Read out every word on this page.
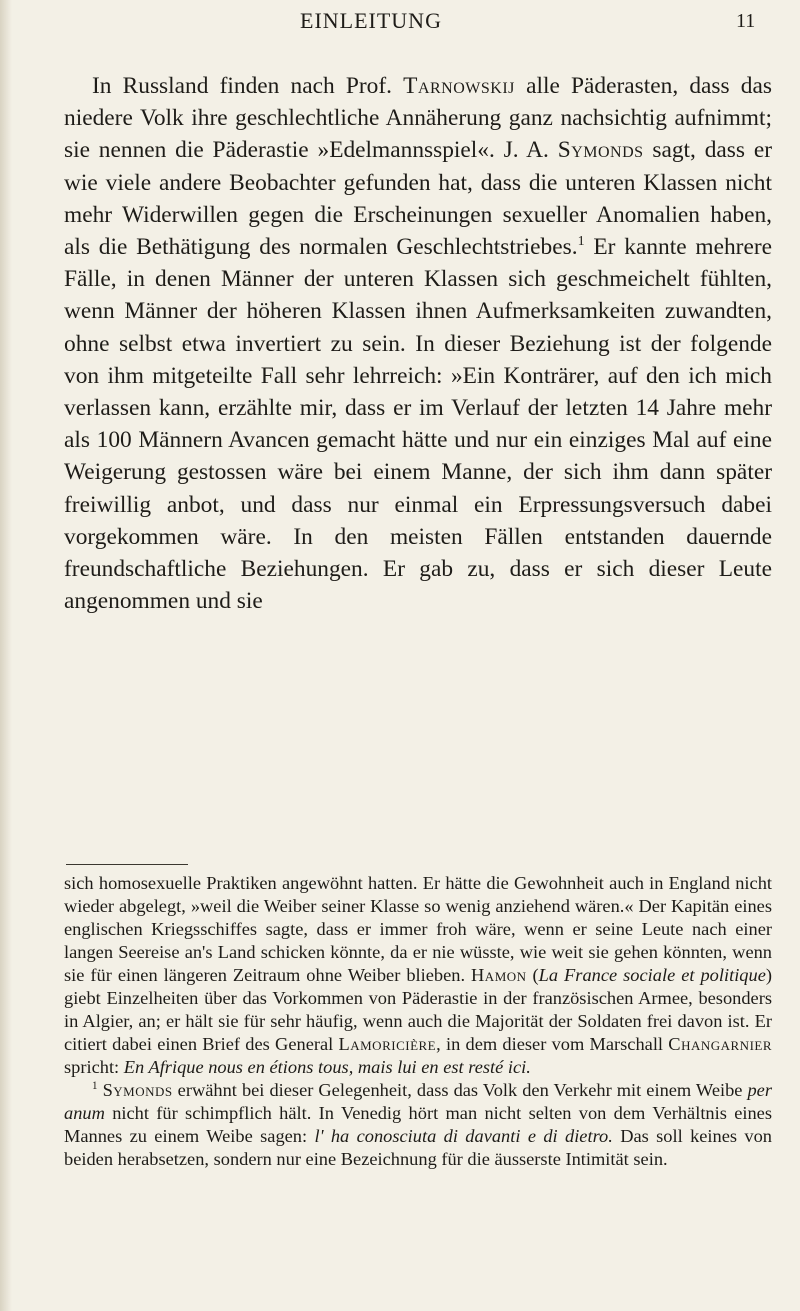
EINLEITUNG	11

In Russland finden nach Prof. Tarnowskij alle Päderasten, dass das niedere Volk ihre geschlechtliche Annäherung ganz nachsichtig aufnimmt; sie nennen die Päderastie »Edelmannsspiel«. J. A. Symonds sagt, dass er wie viele andere Beobachter gefunden hat, dass die unteren Klassen nicht mehr Widerwillen gegen die Erscheinungen sexueller Anomalien haben, als die Bethätigung des normalen Geschlechtstriebes.$^1$ Er kannte mehrere Fälle, in denen Männer der unteren Klassen sich geschmeichelt fühlten, wenn Männer der höheren Klassen ihnen Aufmerksamkeiten zuwandten, ohne selbst etwa invertiert zu sein. In dieser Beziehung ist der folgende von ihm mitgeteilte Fall sehr lehrreich: »Ein Konträrer, auf den ich mich verlassen kann, erzählte mir, dass er im Verlauf der letzten 14 Jahre mehr als 100 Männern Avancen gemacht hätte und nur ein einziges Mal auf eine Weigerung gestossen wäre bei einem Manne, der sich ihm dann später freiwillig anbot, und dass nur einmal ein Erpressungsversuch dabei vorgekommen wäre. In den meisten Fällen entstanden dauernde freundschaftliche Beziehungen. Er gab zu, dass er sich dieser Leute angenommen und sie

sich homosexuelle Praktiken angewöhnt hatten. Er hätte die Gewohnheit auch in England nicht wieder abgelegt, »weil die Weiber seiner Klasse so wenig anziehend wären.« Der Kapitän eines englischen Kriegsschiffes sagte, dass er immer froh wäre, wenn er seine Leute nach einer langen Seereise an's Land schicken könnte, da er nie wüsste, wie weit sie gehen könnten, wenn sie für einen längeren Zeitraum ohne Weiber blieben. Hamon (La France sociale et politique) giebt Einzelheiten über das Vorkommen von Päderastie in der französischen Armee, besonders in Algier, an; er hält sie für sehr häufig, wenn auch die Majorität der Soldaten frei davon ist. Er citiert dabei einen Brief des General Lamoricière, in dem dieser vom Marschall Changarnier spricht: En Afrique nous en étions tous, mais lui en est resté ici.

$^1$ Symonds erwähnt bei dieser Gelegenheit, dass das Volk den Verkehr mit einem Weibe per anum nicht für schimpflich hält. In Venedig hört man nicht selten von dem Verhältnis eines Mannes zu einem Weibe sagen: l' ha conosciuta di davanti e di dietro. Das soll keines von beiden herabsetzen, sondern nur eine Bezeichnung für die äusserste Intimität sein.
